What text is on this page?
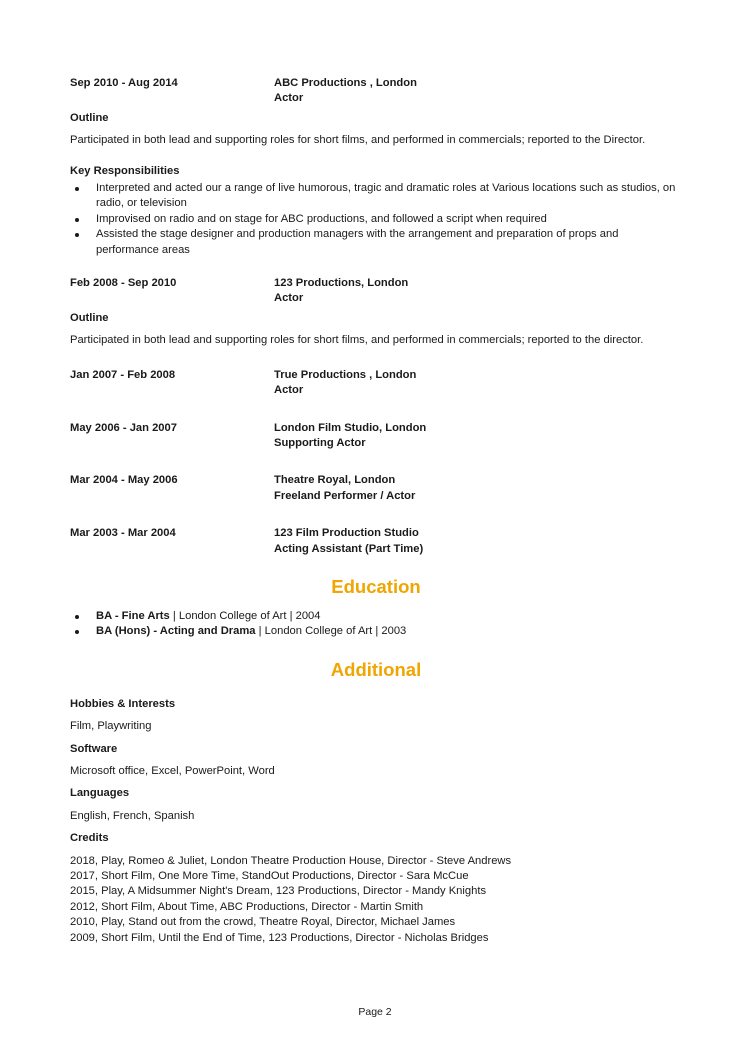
Sep 2010 - Aug 2014	ABC Productions , London
Actor
Outline
Participated in both lead and supporting roles for short films, and performed in commercials; reported to the Director.
Key Responsibilities
Interpreted and acted our a range of live humorous, tragic and dramatic roles at Various locations such as studios, on radio, or television
Improvised on radio and on stage for ABC productions, and followed a script when required
Assisted the stage designer and production managers with the arrangement and preparation of props and performance areas
Feb 2008 - Sep 2010	123 Productions, London
Actor
Outline
Participated in both lead and supporting roles for short films, and performed in commercials; reported to the director.
Jan 2007 - Feb 2008	True Productions , London
Actor
May 2006 - Jan 2007	London Film Studio, London
Supporting Actor
Mar 2004 - May 2006	Theatre Royal, London
Freeland Performer / Actor
Mar 2003 - Mar 2004	123 Film Production Studio
Acting Assistant (Part Time)
Education
BA - Fine Arts | London College of Art | 2004
BA (Hons) - Acting and Drama | London College of Art | 2003
Additional
Hobbies & Interests
Film, Playwriting
Software
Microsoft office, Excel, PowerPoint, Word
Languages
English, French, Spanish
Credits
2018, Play, Romeo & Juliet, London Theatre Production House, Director - Steve Andrews
2017, Short Film, One More Time, StandOut Productions, Director - Sara McCue
2015, Play, A Midsummer Night's Dream, 123 Productions, Director - Mandy Knights
2012, Short Film, About Time, ABC Productions, Director - Martin Smith
2010, Play, Stand out from the crowd, Theatre Royal, Director, Michael James
2009, Short Film, Until the End of Time, 123 Productions, Director - Nicholas Bridges
Page 2
